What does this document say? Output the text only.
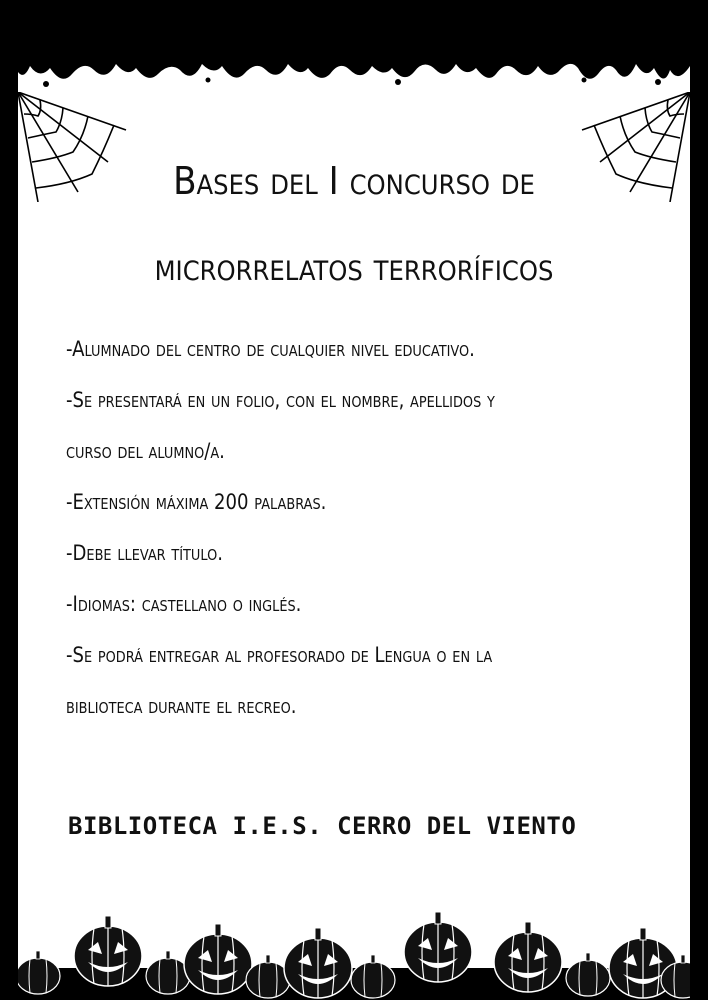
Bases del I concurso de
microrrelatos terroríficos
-Alumnado del centro de cualquier nivel educativo.
-Se presentará en un folio, con el nombre, apellidos y
curso del alumno/a.
-Extensión máxima 200 palabras.
-Debe llevar título.
-Idiomas: castellano o inglés.
-Se podrá entregar al profesorado de Lengua o en la
biblioteca durante el recreo.
BIBLIOTECA I.E.S. CERRO DEL VIENTO
